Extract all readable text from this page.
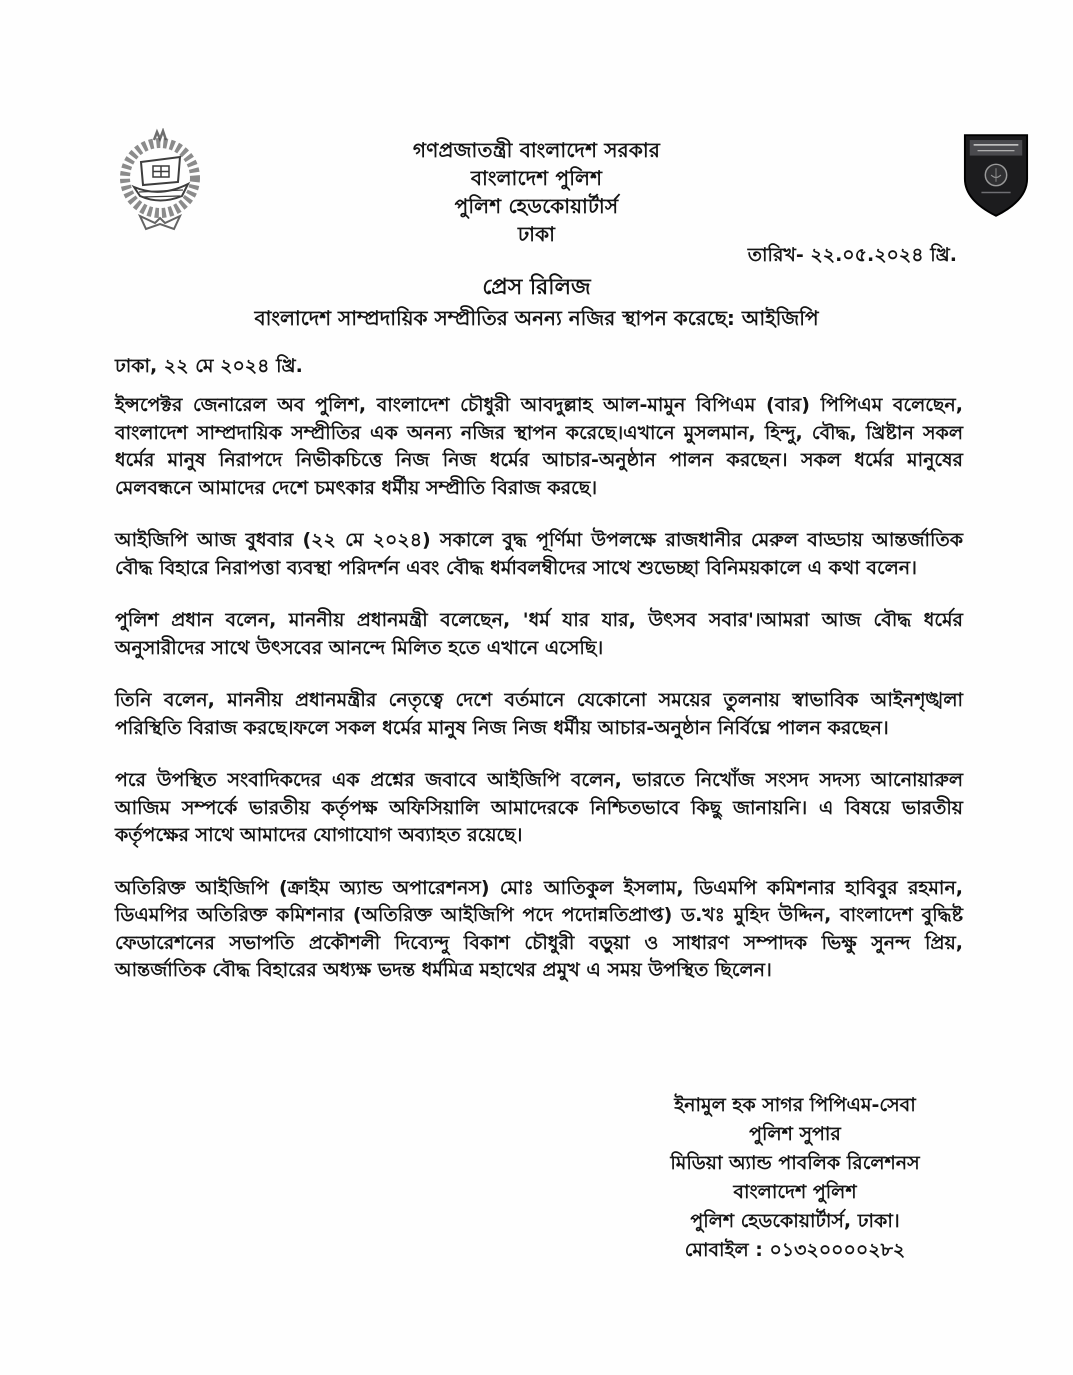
গণপ্রজাতন্ত্রী বাংলাদেশ সরকার
বাংলাদেশ পুলিশ
পুলিশ হেডকোয়ার্টার্স
ঢাকা
তারিখ- ২২.০৫.২০২৪ খ্রি.
প্রেস রিলিজ
বাংলাদেশ সাম্প্রদায়িক সম্প্রীতির অনন্য নজির স্থাপন করেছে: আইজিপি
ঢাকা, ২২ মে ২০২৪ খ্রি.

ইন্সপেক্টর জেনারেল অব পুলিশ, বাংলাদেশ চৌধুরী আবদুল্লাহ আল-মামুন বিপিএম (বার) পিপিএম বলেছেন, বাংলাদেশ সাম্প্রদায়িক সম্প্রীতির এক অনন্য নজির স্থাপন করেছে।এখানে মুসলমান, হিন্দু, বৌদ্ধ, খ্রিষ্টান সকল ধর্মের মানুষ নিরাপদে নিভীকচিত্তে নিজ নিজ ধর্মের আচার-অনুষ্ঠান পালন করছেন। সকল ধর্মের মানুষের মেলবন্ধনে আমাদের দেশে চমৎকার ধর্মীয় সম্প্রীতি বিরাজ করছে।

আইজিপি আজ বুধবার (২২ মে ২০২৪) সকালে বুদ্ধ পূর্ণিমা উপলক্ষে রাজধানীর মেরুল বাড্ডায় আন্তর্জাতিক বৌদ্ধ বিহারে নিরাপত্তা ব্যবস্থা পরিদর্শন এবং বৌদ্ধ ধর্মাবলম্বীদের সাথে শুভেচ্ছা বিনিময়কালে এ কথা বলেন।

পুলিশ প্রধান বলেন, মাননীয় প্রধানমন্ত্রী বলেছেন, 'ধর্ম যার যার, উৎসব সবার'।আমরা আজ বৌদ্ধ ধর্মের অনুসারীদের সাথে উৎসবের আনন্দে মিলিত হতে এখানে এসেছি।

তিনি বলেন, মাননীয় প্রধানমন্ত্রীর নেতৃত্বে দেশে বর্তমানে যেকোনো সময়ের তুলনায় স্বাভাবিক আইনশৃঙ্খলা পরিস্থিতি বিরাজ করছে।ফলে সকল ধর্মের মানুষ নিজ নিজ ধর্মীয় আচার-অনুষ্ঠান নির্বিঘ্নে পালন করছেন।

পরে উপস্থিত সংবাদিকদের এক প্রশ্নের জবাবে আইজিপি বলেন, ভারতে নিখোঁজ সংসদ সদস্য আনোয়ারুল আজিম সম্পর্কে ভারতীয় কর্তৃপক্ষ অফিসিয়ালি আমাদেরকে নিশ্চিতভাবে কিছু জানায়নি। এ বিষয়ে ভারতীয় কর্তৃপক্ষের সাথে আমাদের যোগাযোগ অব্যাহত রয়েছে।

অতিরিক্ত আইজিপি (ক্রাইম অ্যান্ড অপারেশনস) মোঃ আতিকুল ইসলাম, ডিএমপি কমিশনার হাবিবুর রহমান, ডিএমপির অতিরিক্ত কমিশনার (অতিরিক্ত আইজিপি পদে পদোন্নতিপ্রাপ্ত) ড.খঃ মুহিদ উদ্দিন, বাংলাদেশ বুদ্ধিষ্ট ফেডারেশনের সভাপতি প্রকৌশলী দিব্যেন্দু বিকাশ চৌধুরী বড়ুয়া ও সাধারণ সম্পাদক ভিক্ষু সুনন্দ প্রিয়, আন্তর্জাতিক বৌদ্ধ বিহারের অধ্যক্ষ ভদন্ত ধর্মমিত্র মহাথের প্রমুখ এ সময় উপস্থিত ছিলেন।

ইনামুল হক সাগর পিপিএম-সেবা
পুলিশ সুপার
মিডিয়া অ্যান্ড পাবলিক রিলেশনস
বাংলাদেশ পুলিশ
পুলিশ হেডকোয়ার্টার্স, ঢাকা।
মোবাইল : ০১৩২০০০০২৮২
